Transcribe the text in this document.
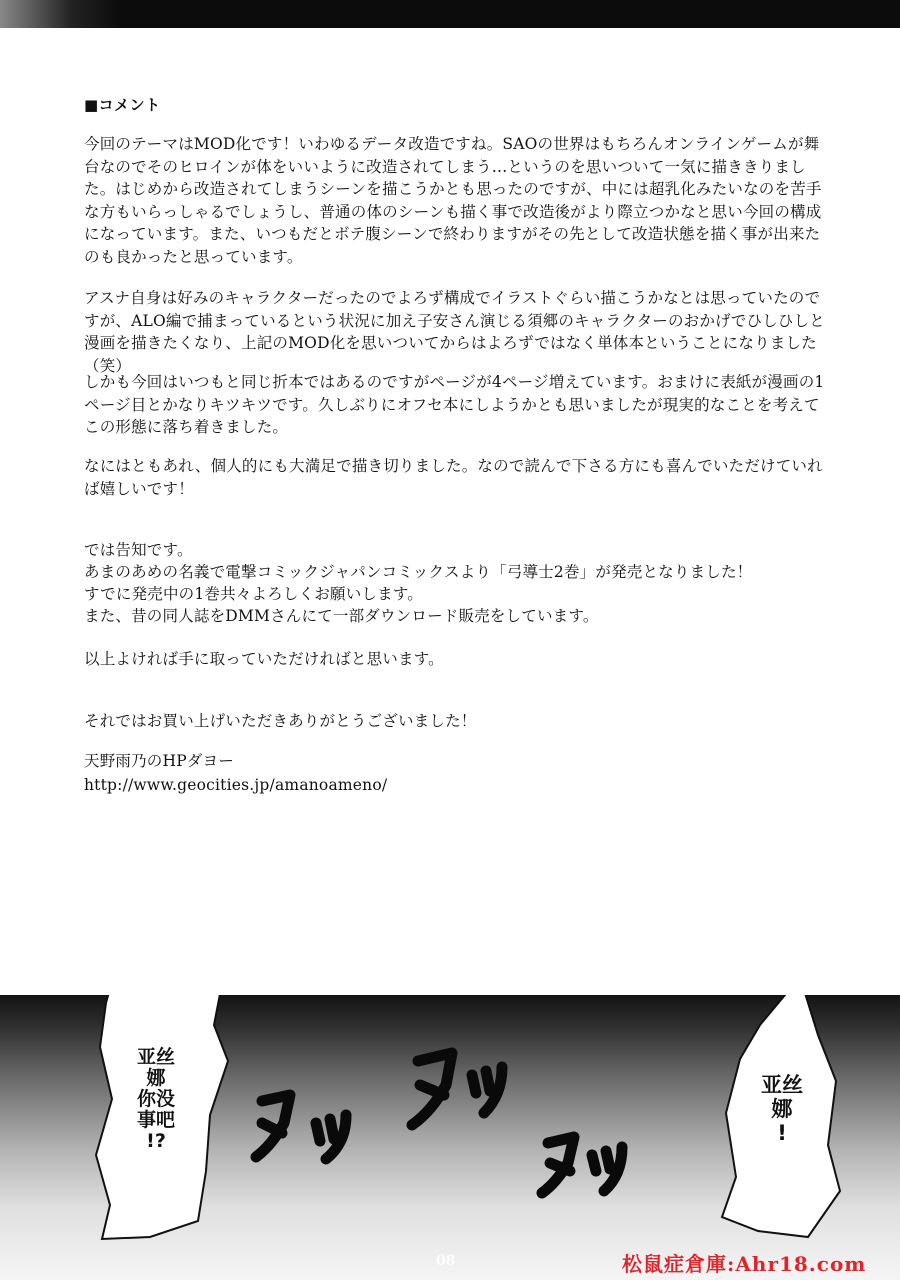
■コメント
今回のテーマはMOD化です！いわゆるデータ改造ですね。SAOの世界はもちろんオンラインゲームが舞台なのでそのヒロインが体をいいように改造されてしまう…というのを思いついて一気に描ききりました。はじめから改造されてしまうシーンを描こうかとも思ったのですが、中には超乳化みたいなのを苦手な方もいらっしゃるでしょうし、普通の体のシーンも描く事で改造後がより際立つかなと思い今回の構成になっています。また、いつもだとボテ腹シーンで終わりますがその先として改造状態を描く事が出来たのも良かったと思っています。
アスナ自身は好みのキャラクターだったのでよろず構成でイラストぐらい描こうかなとは思っていたのですが、ALO編で捕まっているという状況に加え子安さん演じる須郷のキャラクターのおかげでひしひしと漫画を描きたくなり、上記のMOD化を思いついてからはよろずではなく単体本ということになりました（笑）
しかも今回はいつもと同じ折本ではあるのですがページが4ページ増えています。おまけに表紙が漫画の1ページ目とかなりキツキツです。久しぶりにオフセ本にしようかとも思いましたが現実的なことを考えてこの形態に落ち着きました。
なにはともあれ、個人的にも大満足で描き切りました。なので読んで下さる方にも喜んでいただけていれば嬉しいです！
では告知です。
あまのあめの名義で電撃コミックジャパンコミックスより「弓導士2巻」が発売となりました！
すでに発売中の1巻共々よろしくお願いします。
また、昔の同人誌をDMMさんにて一部ダウンロード販売をしています。
以上よければ手に取っていただければと思います。
それではお買い上げいただきありがとうございました！
天野雨乃のHPダヨー
http://www.geocities.jp/amanoameno/
亚丝
娜
你没
事吧
!?
亚丝
娜
!
08	松鼠症倉庫:Ahr18.com
